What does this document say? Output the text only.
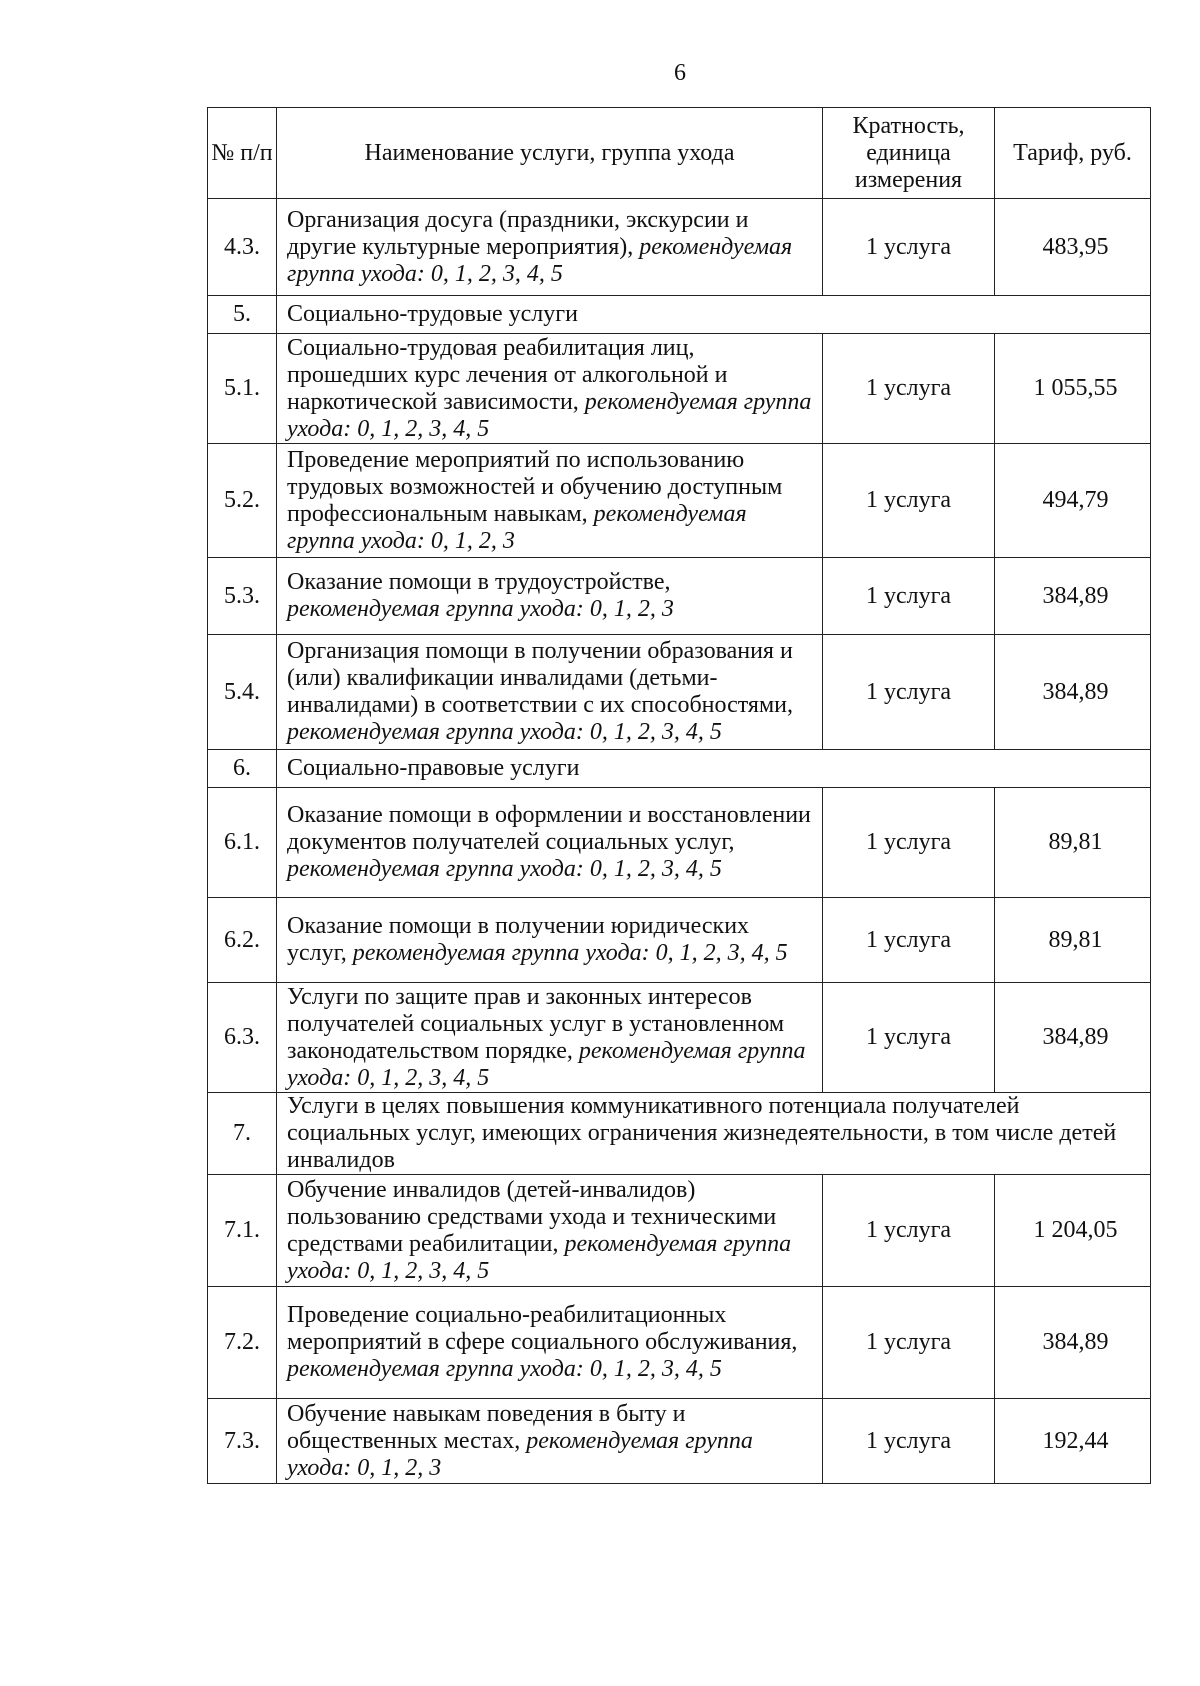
6
№ п/п	Наименование услуги, группа ухода	Кратность, единица измерения	Тариф, руб.
4.3.	Организация досуга (праздники, экскурсии и другие культурные мероприятия), рекомендуемая группа ухода: 0, 1, 2, 3, 4, 5	1 услуга	483,95
5.	Социально-трудовые услуги		
5.1.	Социально-трудовая реабилитация лиц, прошедших курс лечения от алкогольной и наркотической зависимости, рекомендуемая группа ухода: 0, 1, 2, 3, 4, 5	1 услуга	1 055,55
5.2.	Проведение мероприятий по использованию трудовых возможностей и обучению доступным профессиональным навыкам, рекомендуемая группа ухода: 0, 1, 2, 3	1 услуга	494,79
5.3.	Оказание помощи в трудоустройстве, рекомендуемая группа ухода: 0, 1, 2, 3	1 услуга	384,89
5.4.	Организация помощи в получении образования и (или) квалификации инвалидами (детьми-инвалидами) в соответствии с их способностями, рекомендуемая группа ухода: 0, 1, 2, 3, 4, 5	1 услуга	384,89
6.	Социально-правовые услуги		
6.1.	Оказание помощи в оформлении и восстановлении документов получателей социальных услуг, рекомендуемая группа ухода: 0, 1, 2, 3, 4, 5	1 услуга	89,81
6.2.	Оказание помощи в получении юридических услуг, рекомендуемая группа ухода: 0, 1, 2, 3, 4, 5	1 услуга	89,81
6.3.	Услуги по защите прав и законных интересов получателей социальных услуг в установленном законодательством порядке, рекомендуемая группа ухода: 0, 1, 2, 3, 4, 5	1 услуга	384,89
7.	Услуги в целях повышения коммуникативного потенциала получателей социальных услуг, имеющих ограничения жизнедеятельности, в том числе детей инвалидов		
7.1.	Обучение инвалидов (детей-инвалидов) пользованию средствами ухода и техническими средствами реабилитации, рекомендуемая группа ухода: 0, 1, 2, 3, 4, 5	1 услуга	1 204,05
7.2.	Проведение социально-реабилитационных мероприятий в сфере социального обслуживания, рекомендуемая группа ухода: 0, 1, 2, 3, 4, 5	1 услуга	384,89
7.3.	Обучение навыкам поведения в быту и общественных местах, рекомендуемая группа ухода: 0, 1, 2, 3	1 услуга	192,44
